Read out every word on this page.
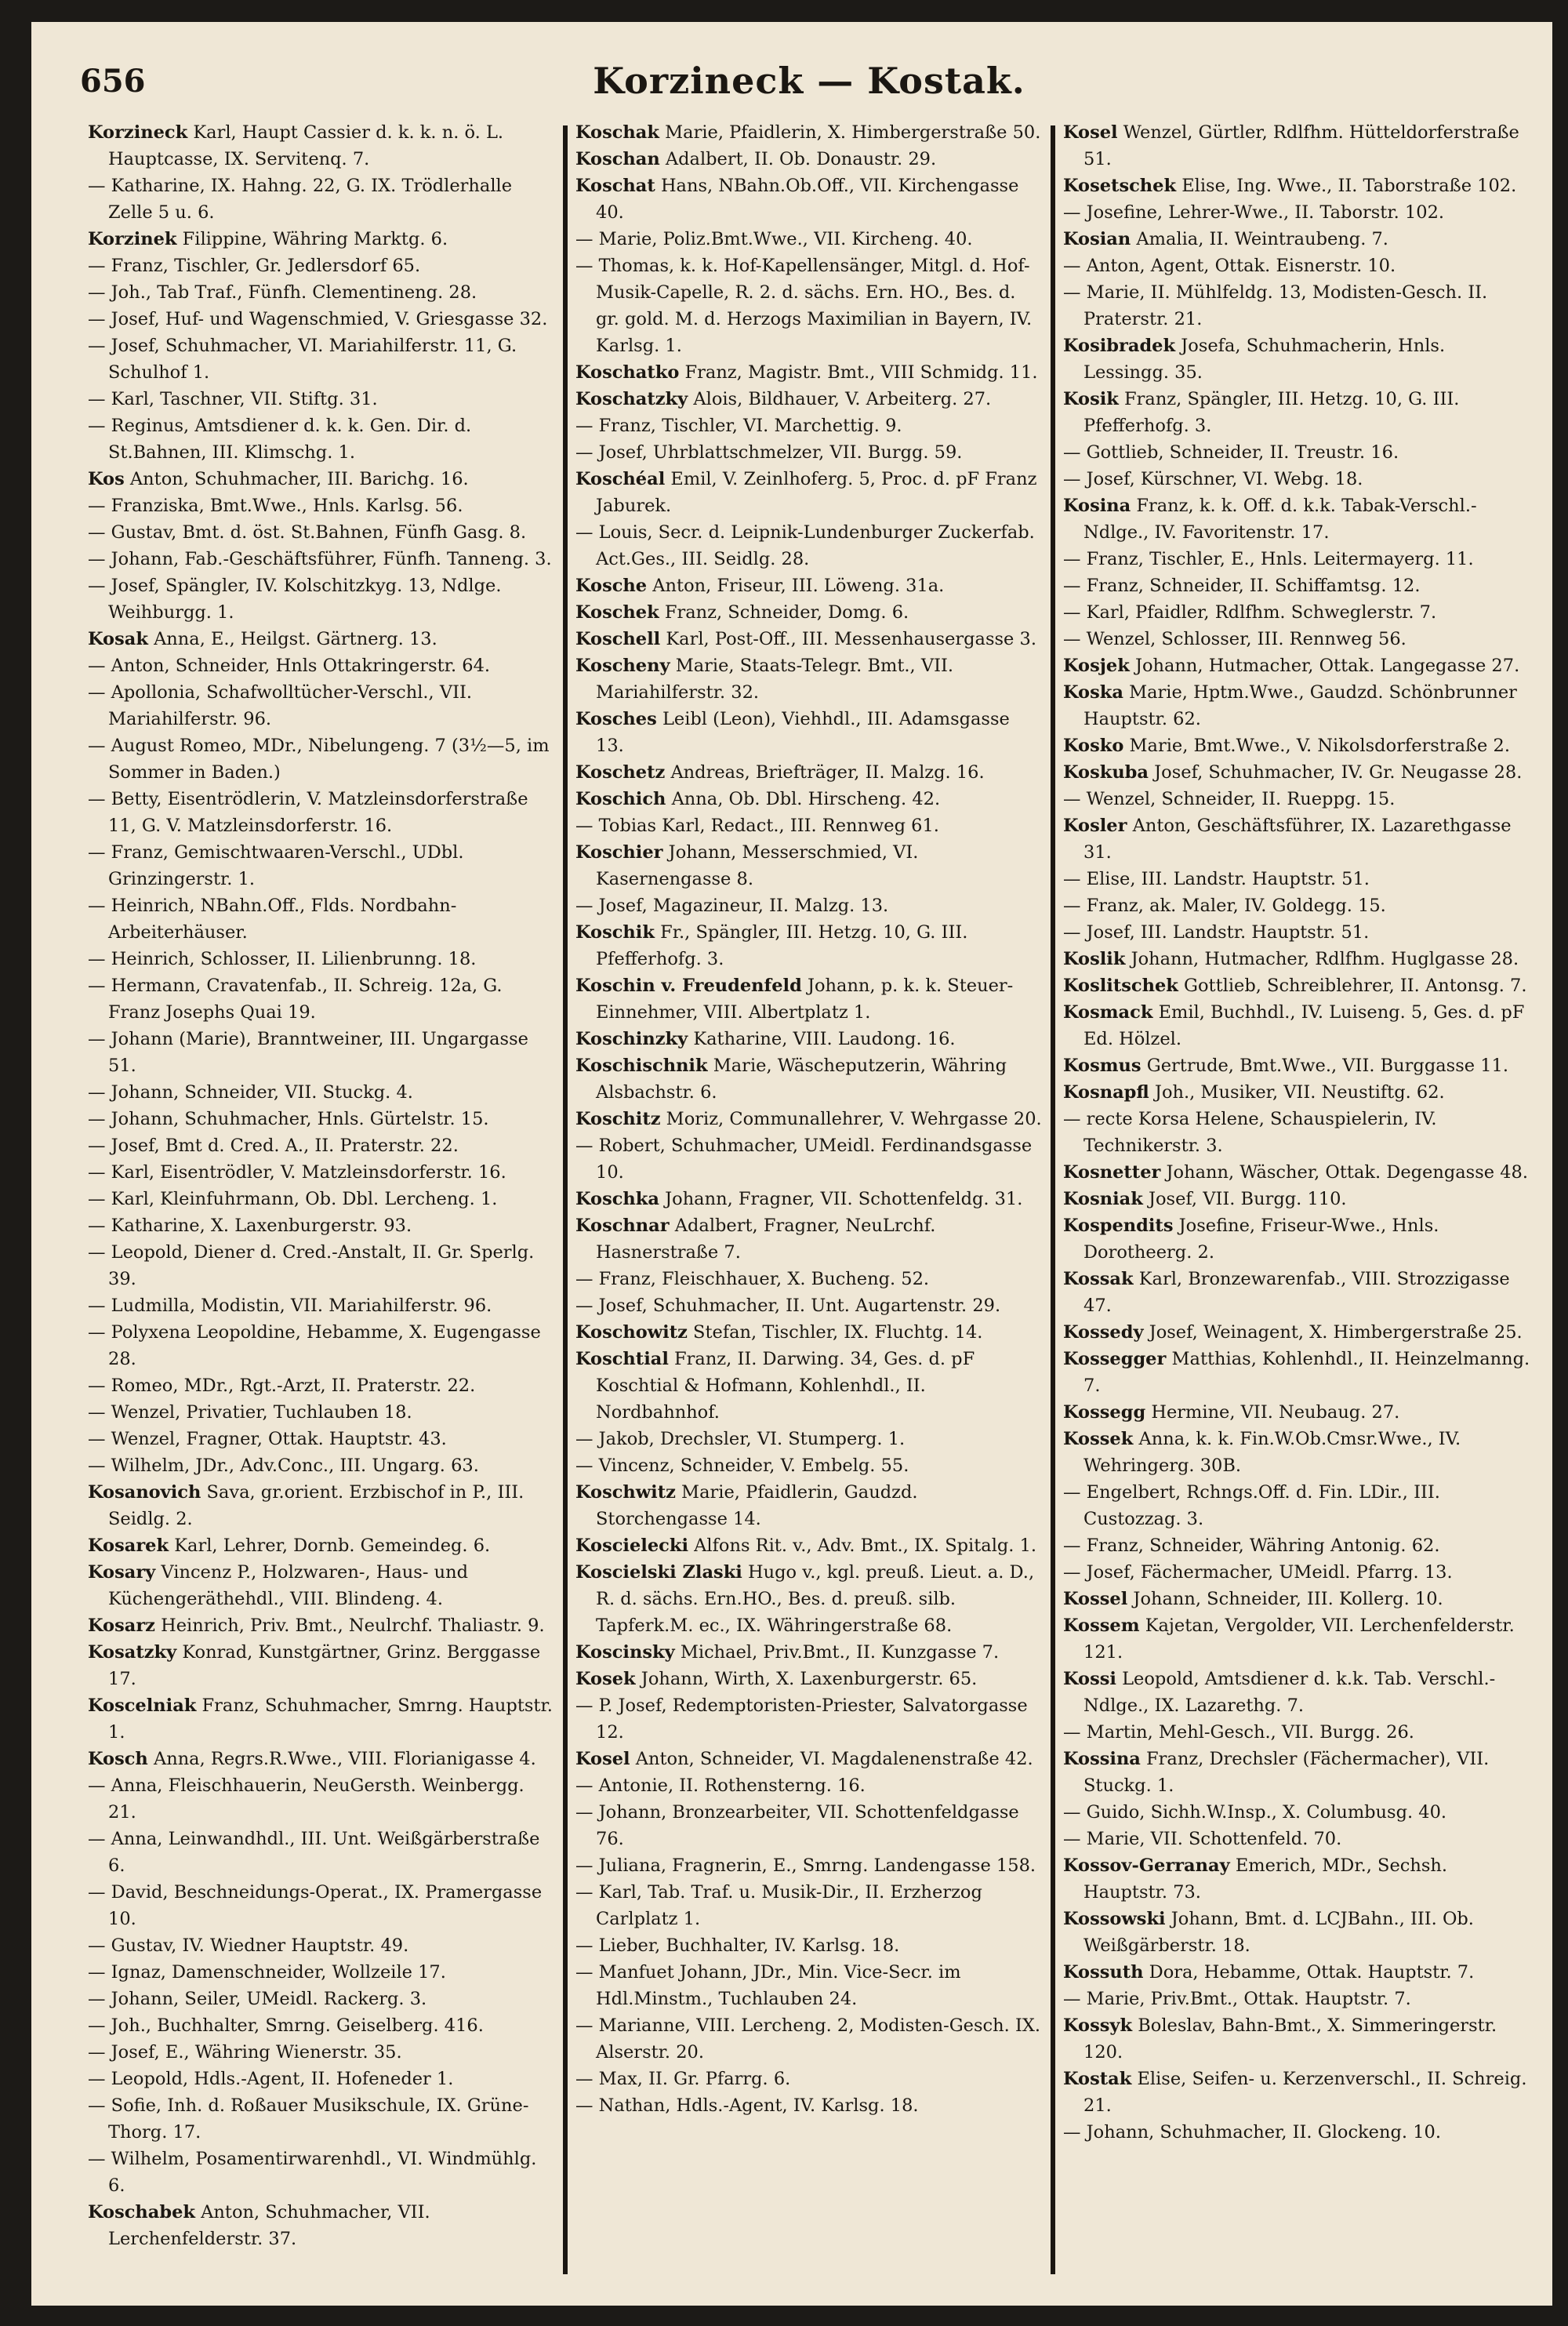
656	Korzineck — Kostak.
Korzineck Karl, Haupt Cassier d. k. k. n. ö. L. Hauptcasse, IX. Servitenq. 7.
— Katharine, IX. Hahng. 22, G. IX. Trödlerhalle Zelle 5 u. 6.
Korzinek Filippine, Währing Marktg. 6.
— Franz, Tischler, Gr. Jedlersdorf 65.
— Joh., Tab Traf., Fünfh. Clementineng. 28.
— Josef, Huf- und Wagenschmied, V. Griesgasse 32.
— Josef, Schuhmacher, VI. Mariahilferstr. 11, G. Schulhof 1.
— Karl, Taschner, VII. Stiftg. 31.
— Reginus, Amtsdiener d. k. k. Gen. Dir. d. St.Bahnen, III. Klimschg. 1.
Kos Anton, Schuhmacher, III. Barichg. 16.
— Franziska, Bmt.Wwe., Hnls. Karlsg. 56.
— Gustav, Bmt. d. öst. St.Bahnen, Fünfh Gasg. 8.
— Johann, Fab.-Geschäftsführer, Fünfh. Tanneng. 3.
— Josef, Spängler, IV. Kolschitzkyg. 13, Ndlge. Weihburgg. 1.
Kosak Anna, E., Heilgst. Gärtnerg. 13.
— Anton, Schneider, Hnls Ottakringerstr. 64.
— Apollonia, Schafwolltücher-Verschl., VII. Mariahilferstr. 96.
— August Romeo, MDr., Nibelungeng. 7 (3½—5, im Sommer in Baden.)
— Betty, Eisentrödlerin, V. Matzleinsdorferstraße 11, G. V. Matzleinsdorferstr. 16.
— Franz, Gemischtwaaren-Verschl., UDbl. Grinzingerstr. 1.
— Heinrich, NBahn.Off., Flds. Nordbahn-Arbeiterhäuser.
— Heinrich, Schlosser, II. Lilienbrunng. 18.
— Hermann, Cravatenfab., II. Schreig. 12a, G. Franz Josephs Quai 19.
— Johann (Marie), Branntweiner, III. Ungargasse 51.
— Johann, Schneider, VII. Stuckg. 4.
— Johann, Schuhmacher, Hnls. Gürtelstr. 15.
— Josef, Bmt d. Cred. A., II. Praterstr. 22.
— Karl, Eisentrödler, V. Matzleinsdorferstr. 16.
— Karl, Kleinfuhrmann, Ob. Dbl. Lercheng. 1.
— Katharine, X. Laxenburgerstr. 93.
— Leopold, Diener d. Cred.-Anstalt, II. Gr. Sperlg. 39.
— Ludmilla, Modistin, VII. Mariahilferstr. 96.
— Polyxena Leopoldine, Hebamme, X. Eugengasse 28.
— Romeo, MDr., Rgt.-Arzt, II. Praterstr. 22.
— Wenzel, Privatier, Tuchlauben 18.
— Wenzel, Fragner, Ottak. Hauptstr. 43.
— Wilhelm, JDr., Adv.Conc., III. Ungarg. 63.
Kosanovich Sava, gr.orient. Erzbischof in P., III. Seidlg. 2.
Kosarek Karl, Lehrer, Dornb. Gemeindeg. 6.
Kosary Vincenz P., Holzwaren-, Haus- und Küchengeräthehdl., VIII. Blindeng. 4.
Kosarz Heinrich, Priv. Bmt., Neulrchf. Thaliastr. 9.
Kosatzky Konrad, Kunstgärtner, Grinz. Berggasse 17.
Koscelniak Franz, Schuhmacher, Smrng. Hauptstr. 1.
Kosch Anna, Regrs.R.Wwe., VIII. Florianigasse 4.
— Anna, Fleischhauerin, NeuGersth. Weinbergg. 21.
— Anna, Leinwandhdl., III. Unt. Weißgärberstraße 6.
— David, Beschneidungs-Operat., IX. Pramergasse 10.
— Gustav, IV. Wiedner Hauptstr. 49.
— Ignaz, Damenschneider, Wollzeile 17.
— Johann, Seiler, UMeidl. Rackerg. 3.
— Joh., Buchhalter, Smrng. Geiselberg. 416.
— Josef, E., Währing Wienerstr. 35.
— Leopold, Hdls.-Agent, II. Hofeneder 1.
— Sofie, Inh. d. Roßauer Musikschule, IX. Grüne-Thorg. 17.
— Wilhelm, Posamentirwarenhdl., VI. Windmühlg. 6.
Koschabek Anton, Schuhmacher, VII. Lerchenfelderstr. 37.
Koschak Marie, Pfaidlerin, X. Himbergerstraße 50.
Koschan Adalbert, II. Ob. Donaustr. 29.
Koschat Hans, NBahn.Ob.Off., VII. Kirchengasse 40.
— Marie, Poliz.Bmt.Wwe., VII. Kircheng. 40.
— Thomas, k. k. Hof-Kapellensänger, Mitgl. d. Hof-Musik-Capelle, R. 2. d. sächs. Ern. HO., Bes. d. gr. gold. M. d. Herzogs Maximilian in Bayern, IV. Karlsg. 1.
Koschatko Franz, Magistr. Bmt., VIII Schmidg. 11.
Koschatzky Alois, Bildhauer, V. Arbeiterg. 27.
— Franz, Tischler, VI. Marchettig. 9.
— Josef, Uhrblattschmelzer, VII. Burgg. 59.
Koschéal Emil, V. Zeinlhoferg. 5, Proc. d. pF Franz Jaburek.
— Louis, Secr. d. Leipnik-Lundenburger Zuckerfab. Act.Ges., III. Seidlg. 28.
Kosche Anton, Friseur, III. Löweng. 31a.
Koschek Franz, Schneider, Domg. 6.
Koschell Karl, Post-Off., III. Messenhausergasse 3.
Koscheny Marie, Staats-Telegr. Bmt., VII. Mariahilferstr. 32.
Kosches Leibl (Leon), Viehhdl., III. Adamsgasse 13.
Koschetz Andreas, Briefträger, II. Malzg. 16.
Koschich Anna, Ob. Dbl. Hirscheng. 42.
— Tobias Karl, Redact., III. Rennweg 61.
Koschier Johann, Messerschmied, VI. Kasernengasse 8.
— Josef, Magazineur, II. Malzg. 13.
Koschik Fr., Spängler, III. Hetzg. 10, G. III. Pfefferhofg. 3.
Koschin v. Freudenfeld Johann, p. k. k. Steuer-Einnehmer, VIII. Albertplatz 1.
Koschinzky Katharine, VIII. Laudong. 16.
Koschischnik Marie, Wäscheputzerin, Währing Alsbachstr. 6.
Koschitz Moriz, Communallehrer, V. Wehrgasse 20.
— Robert, Schuhmacher, UMeidl. Ferdinandsgasse 10.
Koschka Johann, Fragner, VII. Schottenfeldg. 31.
Koschnar Adalbert, Fragner, NeuLrchf. Hasnerstraße 7.
— Franz, Fleischhauer, X. Bucheng. 52.
— Josef, Schuhmacher, II. Unt. Augartenstr. 29.
Koschowitz Stefan, Tischler, IX. Fluchtg. 14.
Koschtial Franz, II. Darwing. 34, Ges. d. pF Koschtial & Hofmann, Kohlenhdl., II. Nordbahnhof.
— Jakob, Drechsler, VI. Stumperg. 1.
— Vincenz, Schneider, V. Embelg. 55.
Koschwitz Marie, Pfaidlerin, Gaudzd. Storchengasse 14.
Koscielecki Alfons Rit. v., Adv. Bmt., IX. Spitalg. 1.
Koscielski Zlaski Hugo v., kgl. preuß. Lieut. a. D., R. d. sächs. Ern.HO., Bes. d. preuß. silb. Tapferk.M. ec., IX. Währingerstraße 68.
Koscinsky Michael, Priv.Bmt., II. Kunzgasse 7.
Kosek Johann, Wirth, X. Laxenburgerstr. 65.
— P. Josef, Redemptoristen-Priester, Salvatorgasse 12.
Kosel Anton, Schneider, VI. Magdalenenstraße 42.
— Antonie, II. Rothensterng. 16.
— Johann, Bronzearbeiter, VII. Schottenfeldgasse 76.
— Juliana, Fragnerin, E., Smrng. Landengasse 158.
— Karl, Tab. Traf. u. Musik-Dir., II. Erzherzog Carlplatz 1.
— Lieber, Buchhalter, IV. Karlsg. 18.
— Manfuet Johann, JDr., Min. Vice-Secr. im Hdl.Minstm., Tuchlauben 24.
— Marianne, VIII. Lercheng. 2, Modisten-Gesch. IX. Alserstr. 20.
— Max, II. Gr. Pfarrg. 6.
— Nathan, Hdls.-Agent, IV. Karlsg. 18.
Kosel Wenzel, Gürtler, Rdlfhm. Hütteldorferstraße 51.
Kosetschek Elise, Ing. Wwe., II. Taborstraße 102.
— Josefine, Lehrer-Wwe., II. Taborstr. 102.
Kosian Amalia, II. Weintraubeng. 7.
— Anton, Agent, Ottak. Eisnerstr. 10.
— Marie, II. Mühlfeldg. 13, Modisten-Gesch. II. Praterstr. 21.
Kosibradek Josefa, Schuhmacherin, Hnls. Lessingg. 35.
Kosik Franz, Spängler, III. Hetzg. 10, G. III. Pfefferhofg. 3.
— Gottlieb, Schneider, II. Treustr. 16.
— Josef, Kürschner, VI. Webg. 18.
Kosina Franz, k. k. Off. d. k.k. Tabak-Verschl.-Ndlge., IV. Favoritenstr. 17.
— Franz, Tischler, E., Hnls. Leitermayerg. 11.
— Franz, Schneider, II. Schiffamtsg. 12.
— Karl, Pfaidler, Rdlfhm. Schweglerstr. 7.
— Wenzel, Schlosser, III. Rennweg 56.
Kosjek Johann, Hutmacher, Ottak. Langegasse 27.
Koska Marie, Hptm.Wwe., Gaudzd. Schönbrunner Hauptstr. 62.
Kosko Marie, Bmt.Wwe., V. Nikolsdorferstraße 2.
Koskuba Josef, Schuhmacher, IV. Gr. Neugasse 28.
— Wenzel, Schneider, II. Rueppg. 15.
Kosler Anton, Geschäftsführer, IX. Lazarethgasse 31.
— Elise, III. Landstr. Hauptstr. 51.
— Franz, ak. Maler, IV. Goldegg. 15.
— Josef, III. Landstr. Hauptstr. 51.
Koslik Johann, Hutmacher, Rdlfhm. Huglgasse 28.
Koslitschek Gottlieb, Schreiblehrer, II. Antonsg. 7.
Kosmack Emil, Buchhdl., IV. Luiseng. 5, Ges. d. pF Ed. Hölzel.
Kosmus Gertrude, Bmt.Wwe., VII. Burggasse 11.
Kosnapfl Joh., Musiker, VII. Neustiftg. 62.
— recte Korsa Helene, Schauspielerin, IV. Technikerstr. 3.
Kosnetter Johann, Wäscher, Ottak. Degengasse 48.
Kosniak Josef, VII. Burgg. 110.
Kospendits Josefine, Friseur-Wwe., Hnls. Dorotheerg. 2.
Kossak Karl, Bronzewarenfab., VIII. Strozzigasse 47.
Kossedy Josef, Weinagent, X. Himbergerstraße 25.
Kossegger Matthias, Kohlenhdl., II. Heinzelmanng. 7.
Kossegg Hermine, VII. Neubaug. 27.
Kossek Anna, k. k. Fin.W.Ob.Cmsr.Wwe., IV. Wehringerg. 30B.
— Engelbert, Rchngs.Off. d. Fin. LDir., III. Custozzag. 3.
— Franz, Schneider, Währing Antonig. 62.
— Josef, Fächermacher, UMeidl. Pfarrg. 13.
Kossel Johann, Schneider, III. Kollerg. 10.
Kossem Kajetan, Vergolder, VII. Lerchenfelderstr. 121.
Kossi Leopold, Amtsdiener d. k.k. Tab. Verschl.-Ndlge., IX. Lazarethg. 7.
— Martin, Mehl-Gesch., VII. Burgg. 26.
Kossina Franz, Drechsler (Fächermacher), VII. Stuckg. 1.
— Guido, Sichh.W.Insp., X. Columbusg. 40.
— Marie, VII. Schottenfeld. 70.
Kossov-Gerranay Emerich, MDr., Sechsh. Hauptstr. 73.
Kossowski Johann, Bmt. d. LCJBahn., III. Ob. Weißgärberstr. 18.
Kossuth Dora, Hebamme, Ottak. Hauptstr. 7.
— Marie, Priv.Bmt., Ottak. Hauptstr. 7.
Kossyk Boleslav, Bahn-Bmt., X. Simmeringerstr. 120.
Kostak Elise, Seifen- u. Kerzenverschl., II. Schreig. 21.
— Johann, Schuhmacher, II. Glockeng. 10.
